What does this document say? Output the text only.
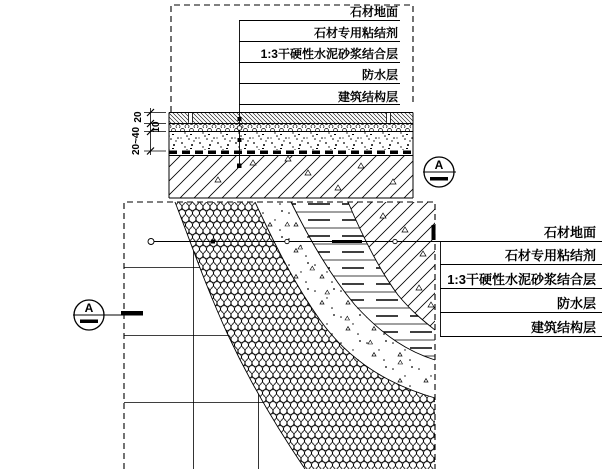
石材地面
石材专用粘结剂
1:3干硬性水泥砂浆结合层
防水层
建筑结构层
石材地面
石材专用粘结剂
1:3干硬性水泥砂浆结合层
防水层
建筑结构层
20
10
20~40
A
A
